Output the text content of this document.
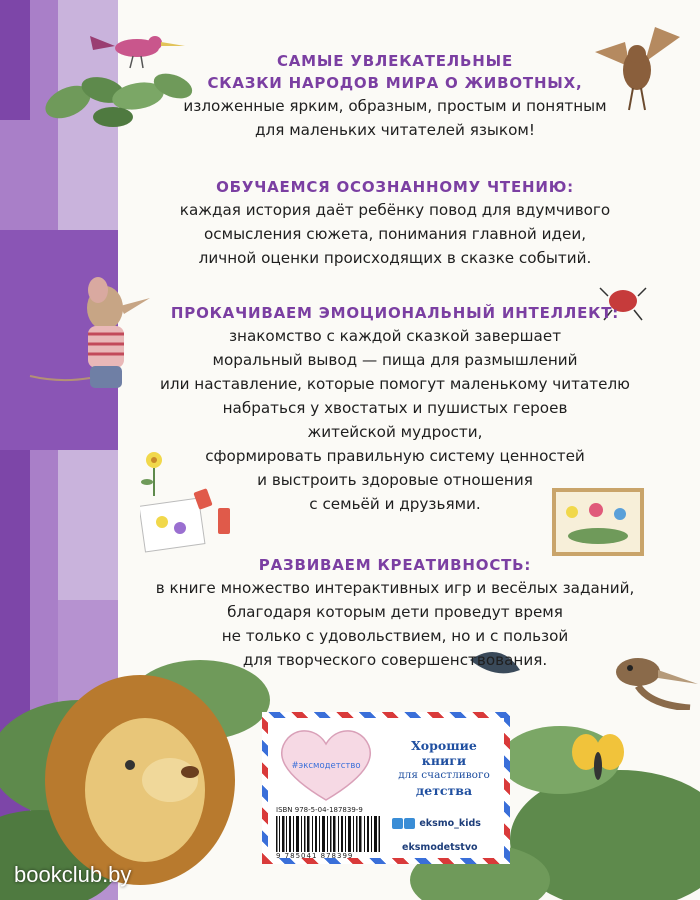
САМЫЕ УВЛЕКАТЕЛЬНЫЕ
СКАЗКИ НАРОДОВ МИРА О ЖИВОТНЫХ,
изложенные ярким, образным, простым и понятным
для маленьких читателей языком!
ОБУЧАЕМСЯ ОСОЗНАННОМУ ЧТЕНИЮ:
каждая история даёт ребёнку повод для вдумчивого
осмысления сюжета, понимания главной идеи,
личной оценки происходящих в сказке событий.
ПРОКАЧИВАЕМ ЭМОЦИОНАЛЬНЫЙ ИНТЕЛЛЕКТ:
знакомство с каждой сказкой завершает
моральный вывод — пища для размышлений
или наставление, которые помогут маленькому читателю
набраться у хвостатых и пушистых героев
житейской мудрости,
сформировать правильную систему ценностей
и выстроить здоровые отношения
с семьёй и друзьями.
РАЗВИВАЕМ КРЕАТИВНОСТЬ:
в книге множество интерактивных игр и весёлых заданий,
благодаря которым дети проведут время
не только с удовольствием, но и с пользой
для творческого совершенствования.
#эксмодетство
Хорошие
книги
для счастливого
детства
ISBN 978-5-04-187839-9
9 785041 878399
eksmo_kids
eksmodetstvo
bookclub.by
